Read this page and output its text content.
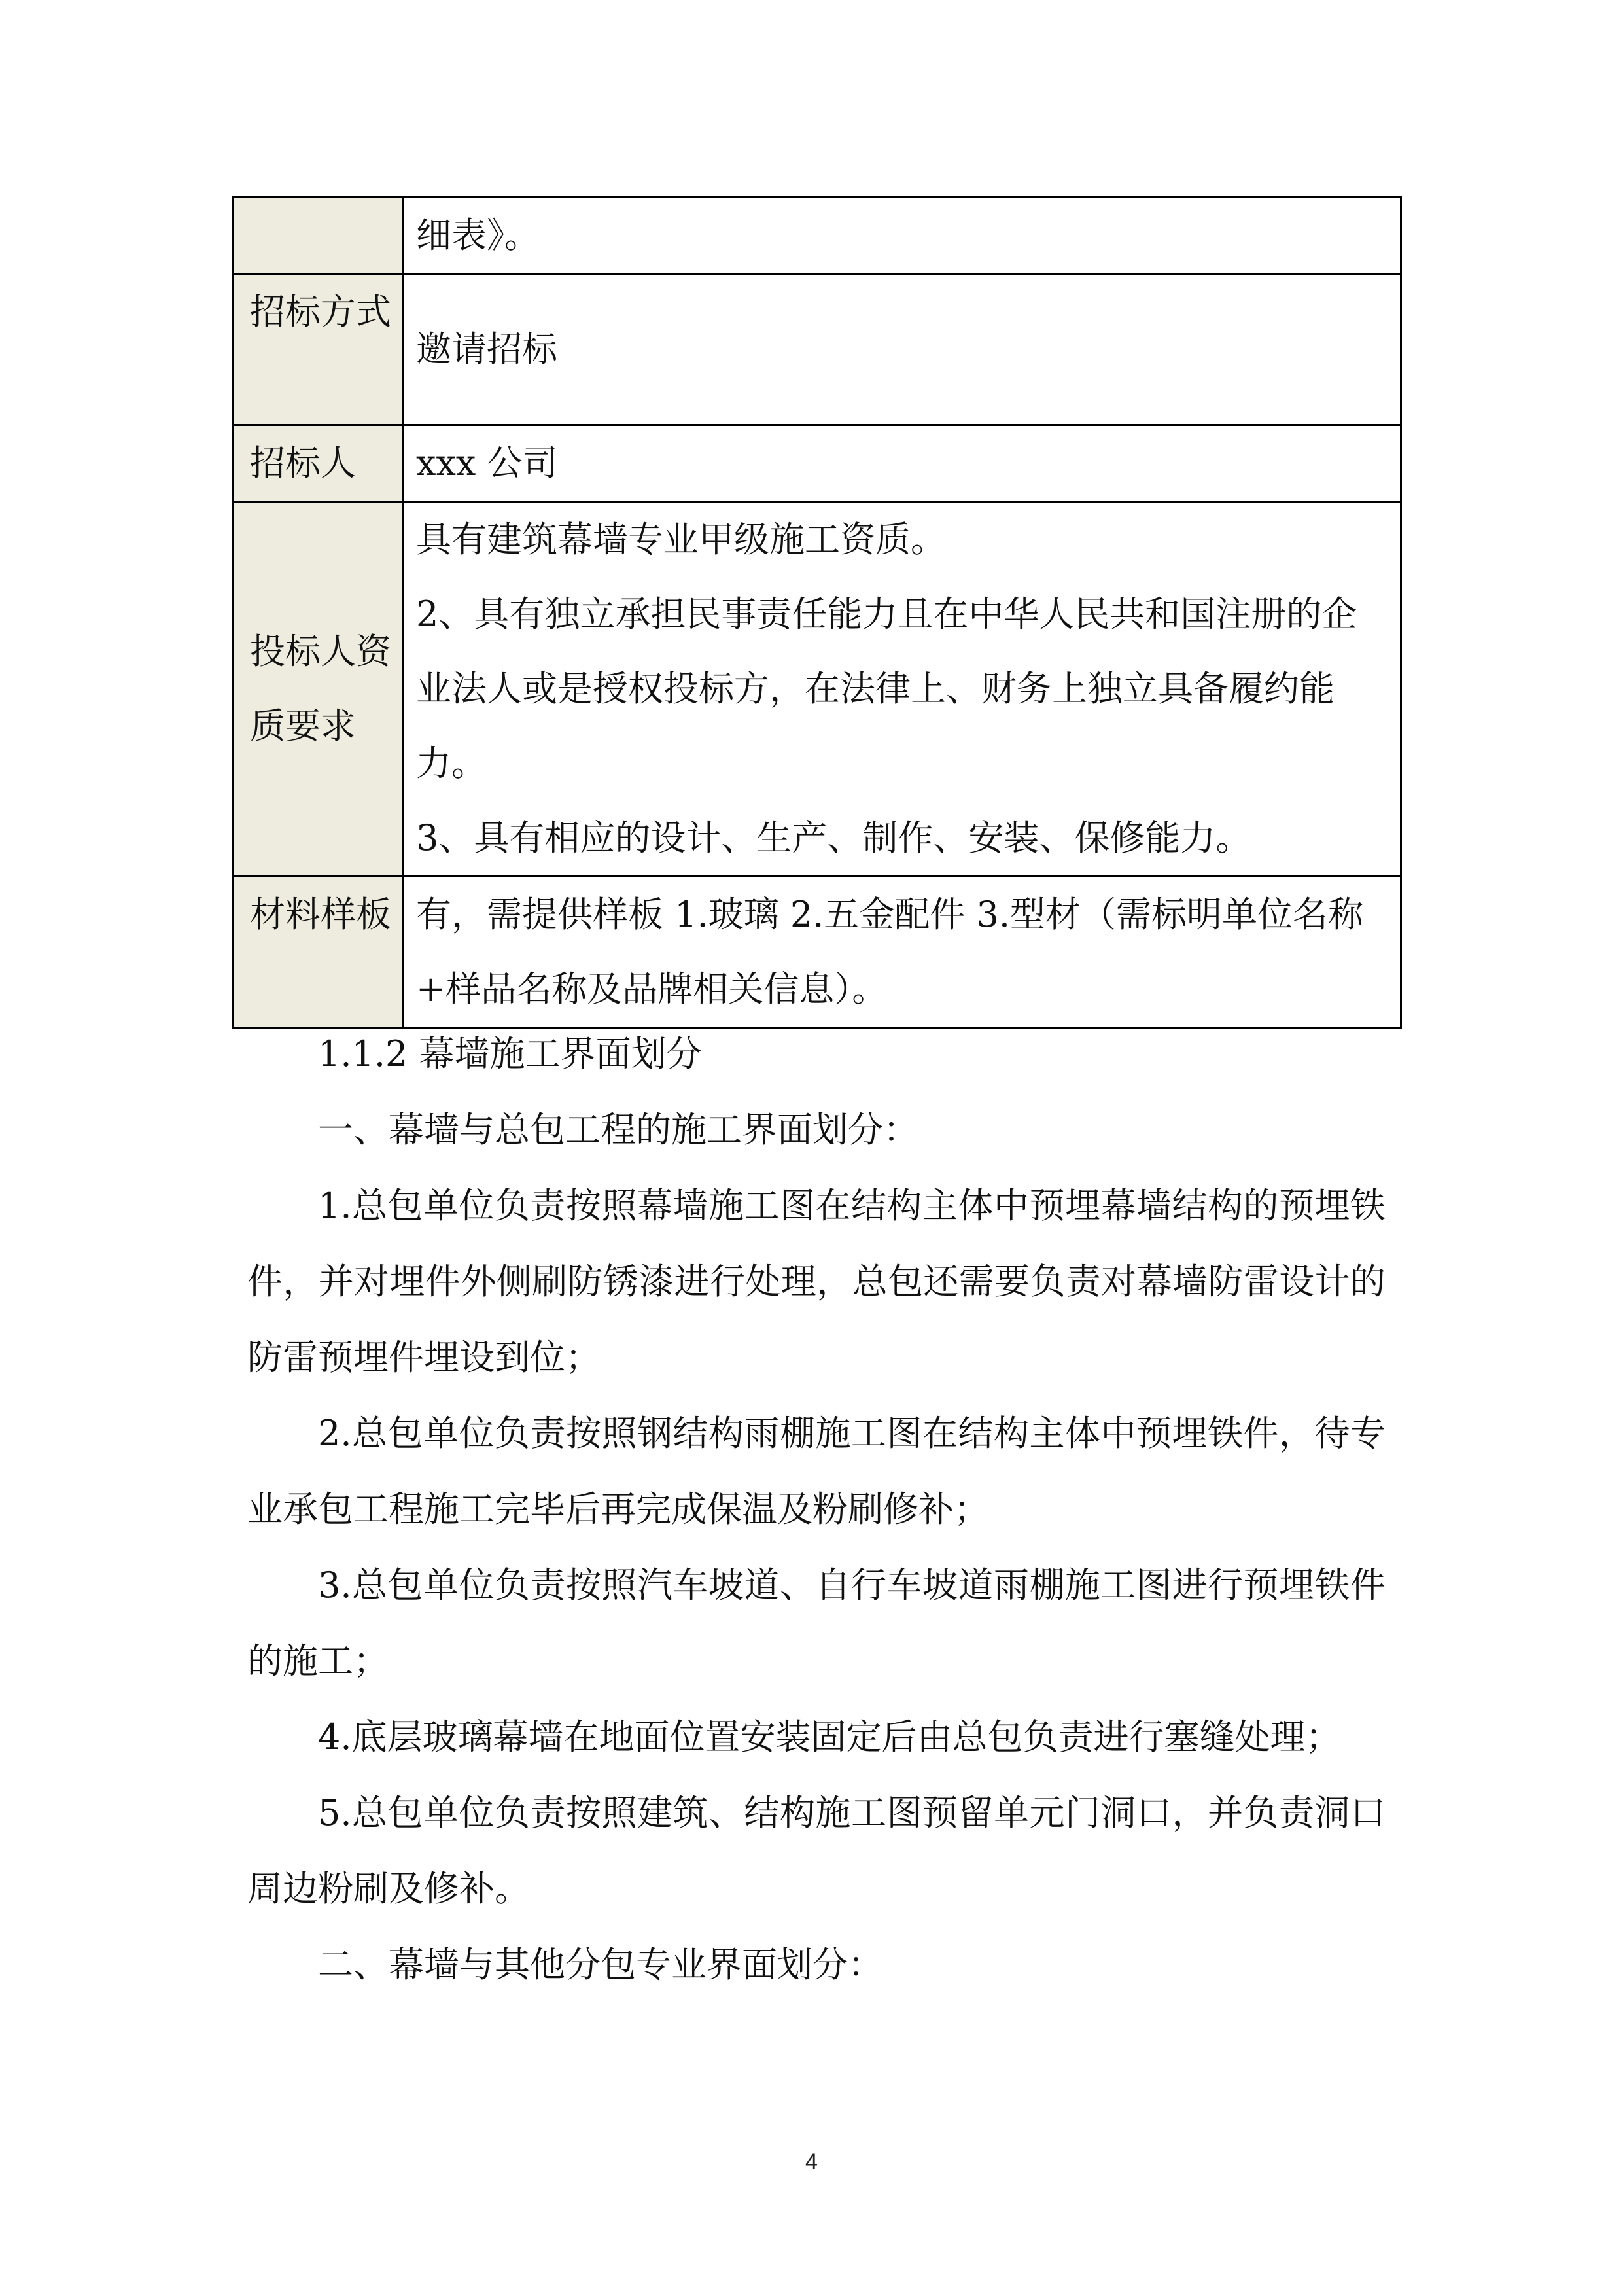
	细表》。
招标方式	邀请招标
招标人	xxx 公司
投标人资质要求	具有建筑幕墙专业甲级施工资质。
2、具有独立承担民事责任能力且在中华人民共和国注册的企业法人或是授权投标方，在法律上、财务上独立具备履约能力。
3、具有相应的设计、生产、制作、安装、保修能力。

材料样板	有，需提供样板 1.玻璃 2.五金配件 3.型材（需标明单位名称+样品名称及品牌相关信息）。

1.1.2 幕墙施工界面划分

一、幕墙与总包工程的施工界面划分：

1.总包单位负责按照幕墙施工图在结构主体中预埋幕墙结构的预埋铁件，并对埋件外侧刷防锈漆进行处理，总包还需要负责对幕墙防雷设计的防雷预埋件埋设到位；

2.总包单位负责按照钢结构雨棚施工图在结构主体中预埋铁件，待专业承包工程施工完毕后再完成保温及粉刷修补；

3.总包单位负责按照汽车坡道、自行车坡道雨棚施工图进行预埋铁件的施工；

4.底层玻璃幕墙在地面位置安装固定后由总包负责进行塞缝处理；

5.总包单位负责按照建筑、结构施工图预留单元门洞口，并负责洞口周边粉刷及修补。

二、幕墙与其他分包专业界面划分：

4
